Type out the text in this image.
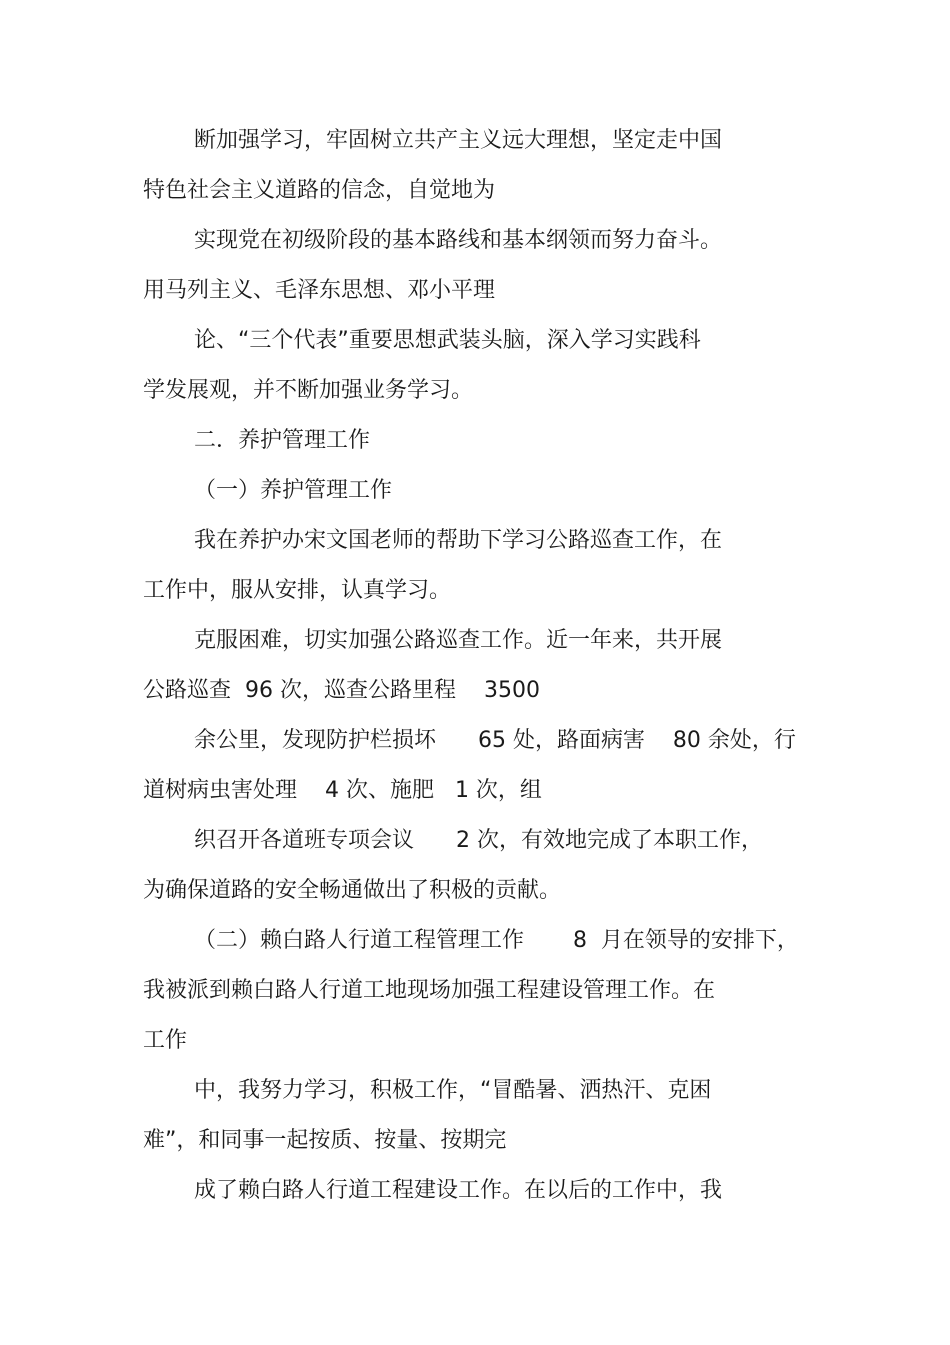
断加强学习，牢固树立共产主义远大理想，坚定走中国
特色社会主义道路的信念，自觉地为
实现党在初级阶段的基本路线和基本纲领而努力奋斗。
用马列主义、毛泽东思想、邓小平理
论、“三个代表”重要思想武装头脑，深入学习实践科
学发展观，并不断加强业务学习。
二．养护管理工作
（一）养护管理工作
我在养护办宋文国老师的帮助下学习公路巡查工作，在
工作中，服从安排，认真学习。
克服困难，切实加强公路巡查工作。近一年来，共开展
公路巡查  96 次，巡查公路里程    3500
余公里，发现防护栏损坏      65 处，路面病害    80 余处，行
道树病虫害处理    4 次、施肥   1 次，组
织召开各道班专项会议      2 次，有效地完成了本职工作，
为确保道路的安全畅通做出了积极的贡献。
（二）赖白路人行道工程管理工作       8  月在领导的安排下，
我被派到赖白路人行道工地现场加强工程建设管理工作。在
工作
中，我努力学习，积极工作，“冒酷暑、洒热汗、克困
难”，和同事一起按质、按量、按期完
成了赖白路人行道工程建设工作。在以后的工作中，我
